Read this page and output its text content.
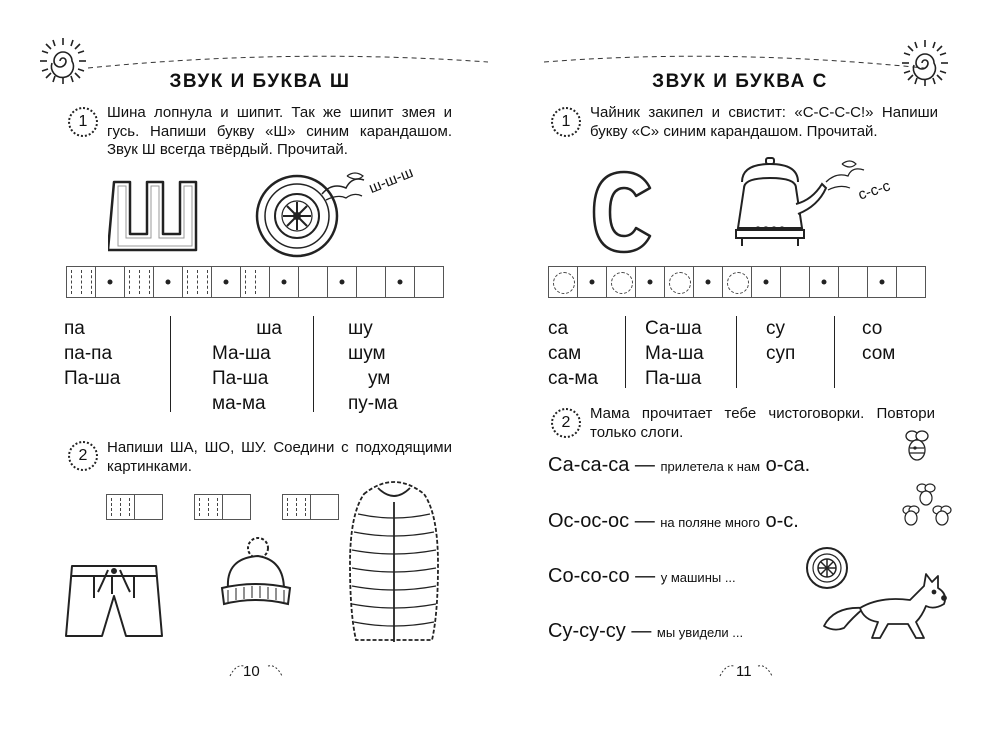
ЗВУК И БУКВА Ш
1
Шина лопнула и шипит. Так же шипит змея и гусь. Напиши букву «Ш» синим карандашом. Звук Ш всегда твёрдый. Прочитай.
ш-ш-ш
па
па-па
Па-ша
ша
Ма-ша
Па-ша
ма-ма
шу
шум
ум
пу-ма
2	Напиши ША, ШО, ШУ. Соедини с подходящими картинками.
10
ЗВУК И БУКВА С
1
Чайник закипел и свистит: «С-С-С-С!» Напиши букву «С» синим карандашом. Прочитай.
с-с-с
са
сам
са-ма
Са-ша
Ма-ша
Па-ша
су
суп
со
сом
2
Мама прочитает тебе чистоговорки. Повтори только слоги.
Са-са-са — прилетела к нам о-са.
Ос-ос-ос — на поляне много о-с.
Со-со-со — у машины ...
Су-су-су — мы увидели ...
11
